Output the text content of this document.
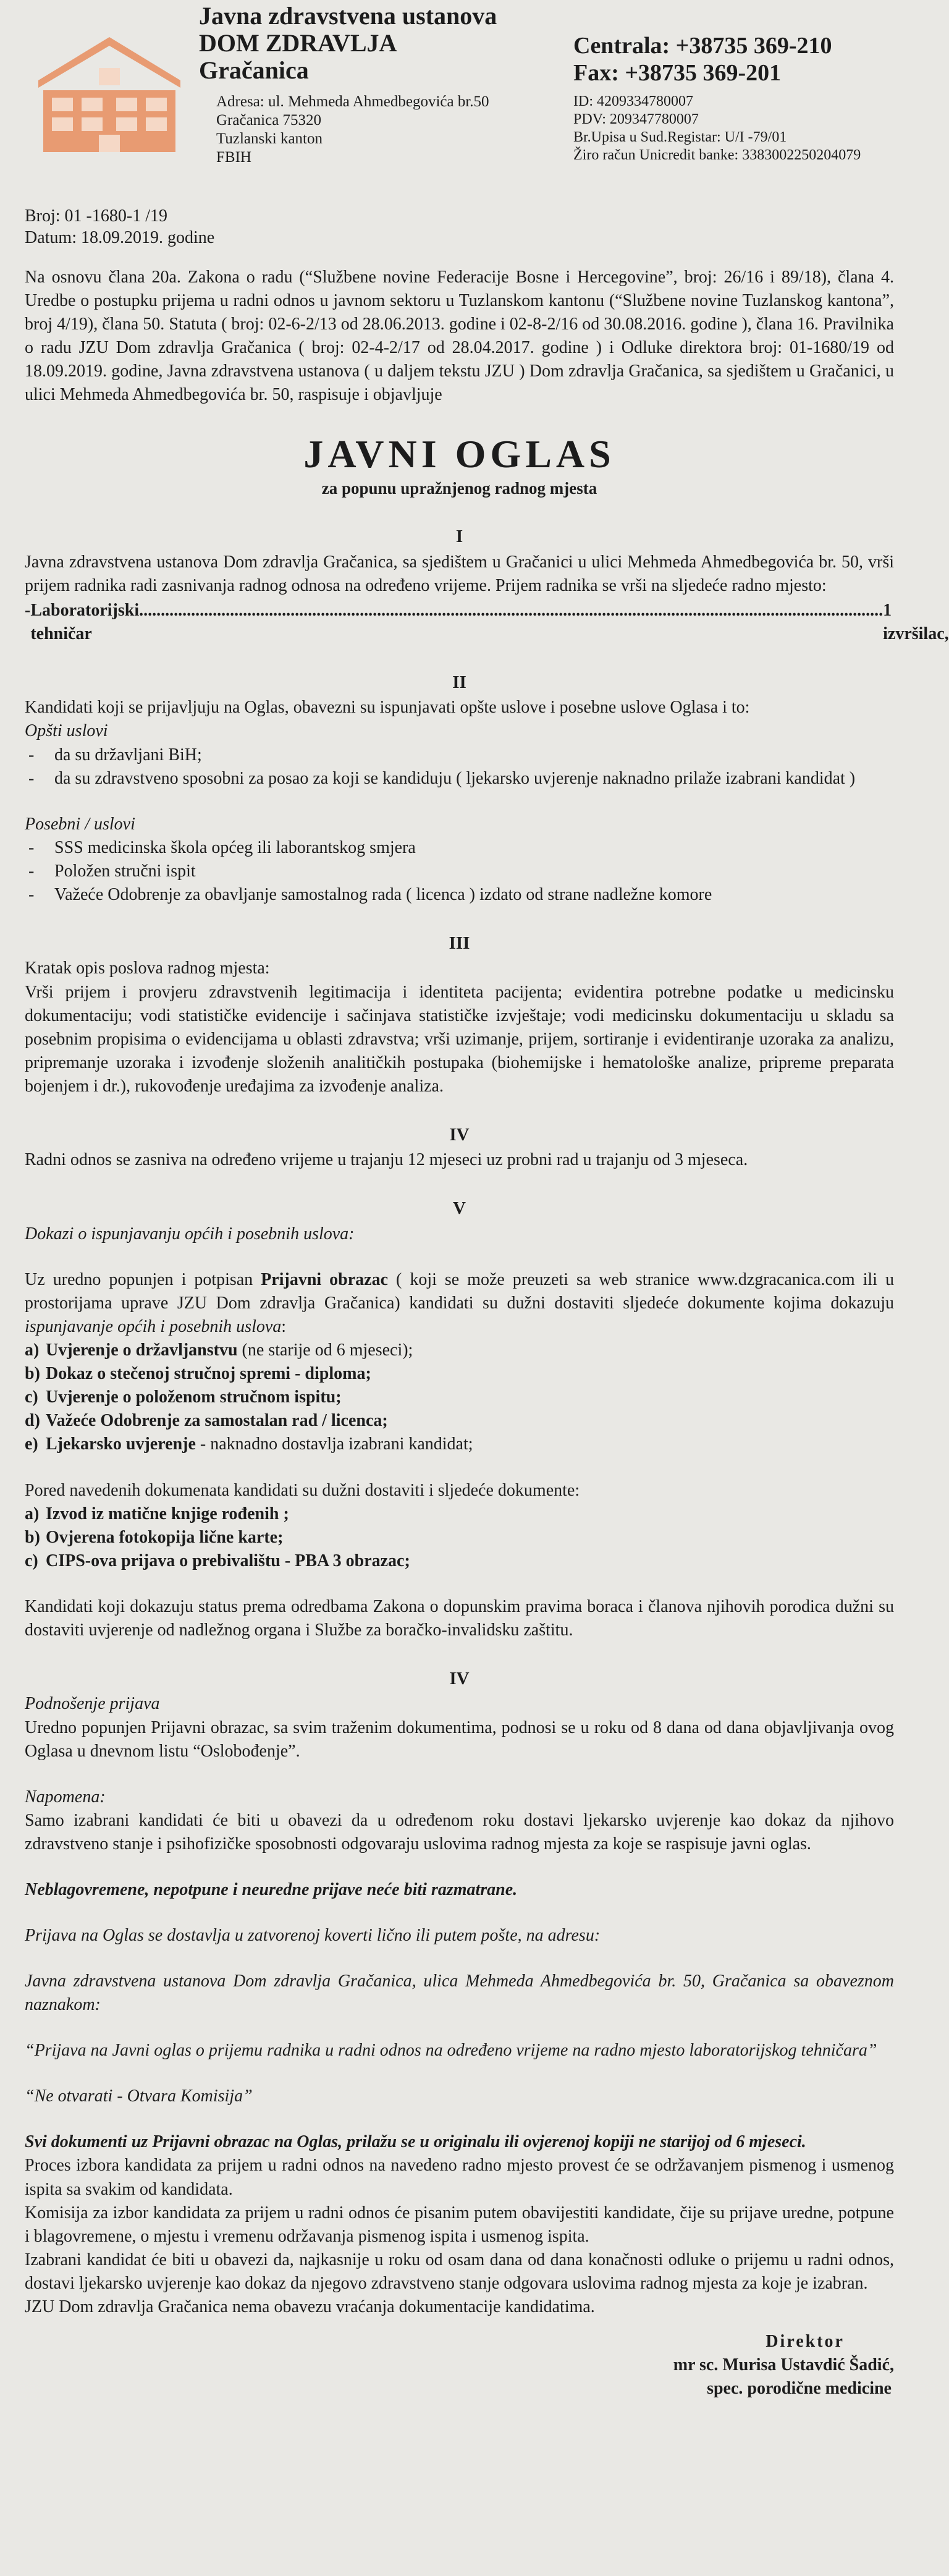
Javna zdravstvena ustanova
DOM ZDRAVLJA
Gračanica
Adresa: ul. Mehmeda Ahmedbegovića br.50
Gračanica 75320
Tuzlanski kanton
FBIH
Centrala: +38735 369-210
Fax: +38735 369-201
ID: 4209334780007
PDV: 209347780007
Br.Upisa u Sud.Registar: U/I -79/01
Žiro račun Unicredit banke: 3383002250204079
Broj: 01 -1680-1 /19
Datum: 18.09.2019. godine

Na osnovu člana 20a. Zakona o radu (“Službene novine Federacije Bosne i Hercegovine”, broj: 26/16 i 89/18), člana 4. Uredbe o postupku prijema u radni odnos u javnom sektoru u Tuzlanskom kantonu (“Službene novine Tuzlanskog kantona”, broj 4/19), člana 50. Statuta ( broj: 02-6-2/13 od 28.06.2013. godine i 02-8-2/16 od 30.08.2016. godine ), člana 16. Pravilnika o radu JZU Dom zdravlja Gračanica ( broj: 02-4-2/17 od 28.04.2017. godine ) i Odluke direktora broj: 01-1680/19 od 18.09.2019. godine, Javna zdravstvena ustanova ( u daljem tekstu JZU ) Dom zdravlja Gračanica, sa sjedištem u Gračanici, u ulici Mehmeda Ahmedbegovića br. 50, raspisuje i objavljuje

JAVNI OGLAS
za popunu upražnjenog radnog mjesta
I

Javna zdravstvena ustanova Dom zdravlja Gračanica, sa sjedištem u Gračanici u ulici Mehmeda Ahmedbegovića br. 50, vrši prijem radnika radi zasnivanja radnog odnosa na određeno vrijeme. Prijem radnika se vrši na sljedeće radno mjesto:

- Laboratorijski tehničar
............................................................................................................................................................................ 1 izvršilac,
II

Kandidati koji se prijavljuju na Oglas, obavezni su ispunjavati opšte uslove i posebne uslove Oglasa i to:

Opšti uslovi
- da su državljani BiH;
- da su zdravstveno sposobni za posao za koji se kandiduju ( ljekarsko uvjerenje naknadno prilaže izabrani kandidat )
Posebni / uslovi
- SSS medicinska škola općeg ili laborantskog smjera
- Položen stručni ispit
- Važeće Odobrenje za obavljanje samostalnog rada ( licenca ) izdato od strane nadležne komore
III
Kratak opis poslova radnog mjesta:

Vrši prijem i provjeru zdravstvenih legitimacija i identiteta pacijenta; evidentira potrebne podatke u medicinsku dokumentaciju; vodi statističke evidencije i sačinjava statističke izvještaje; vodi medicinsku dokumentaciju u skladu sa posebnim propisima o evidencijama u oblasti zdravstva; vrši uzimanje, prijem, sortiranje i evidentiranje uzoraka za analizu, pripremanje uzoraka i izvođenje složenih analitičkih postupaka (biohemijske i hematološke analize, pripreme preparata bojenjem i dr.), rukovođenje uređajima za izvođenje analiza.

IV

Radni odnos se zasniva na određeno vrijeme u trajanju 12 mjeseci uz probni rad u trajanju od 3 mjeseca.

V
Dokazi o ispunjavanju općih i posebnih uslova:

Uz uredno popunjen i potpisan Prijavni obrazac ( koji se može preuzeti sa web stranice www.dzgracanica.com ili u prostorijama uprave JZU Dom zdravlja Gračanica) kandidati su dužni dostaviti sljedeće dokumente kojima dokazuju ispunjavanje općih i posebnih uslova:

a) Uvjerenje o državljanstvu (ne starije od 6 mjeseci);
b) Dokaz o stečenoj stručnoj spremi - diploma;
c) Uvjerenje o položenom stručnom ispitu;
d) Važeće Odobrenje za samostalan rad / licenca;
e) Ljekarsko uvjerenje - naknadno dostavlja izabrani kandidat;
Pored navedenih dokumenata kandidati su dužni dostaviti i sljedeće dokumente:
a) Izvod iz matične knjige rođenih ;
b) Ovjerena fotokopija lične karte;
c) CIPS-ova prijava o prebivalištu - PBA 3 obrazac;

Kandidati koji dokazuju status prema odredbama Zakona o dopunskim pravima boraca i članova njihovih porodica dužni su dostaviti uvjerenje od nadležnog organa i Službe za boračko-invalidsku zaštitu.

IV
Podnošenje prijava

Uredno popunjen Prijavni obrazac, sa svim traženim dokumentima, podnosi se u roku od 8 dana od dana objavljivanja ovog Oglasa u dnevnom listu “Oslobođenje”.

Napomena:

Samo izabrani kandidati će biti u obavezi da u određenom roku dostavi ljekarsko uvjerenje kao dokaz da njihovo zdravstveno stanje i psihofizičke sposobnosti odgovaraju uslovima radnog mjesta za koje se raspisuje javni oglas.

Neblagovremene, nepotpune i neuredne prijave neće biti razmatrane.

Prijava na Oglas se dostavlja u zatvorenoj koverti lično ili putem pošte, na adresu:

Javna zdravstvena ustanova Dom zdravlja Gračanica, ulica Mehmeda Ahmedbegovića br. 50, Gračanica sa obaveznom naznakom:

“Prijava na Javni oglas o prijemu radnika u radni odnos na određeno vrijeme na radno mjesto laboratorijskog tehničara”

“Ne otvarati - Otvara Komisija”

Svi dokumenti uz Prijavni obrazac na Oglas, prilažu se u originalu ili ovjerenoj kopiji ne starijoj od 6 mjeseci.

Proces izbora kandidata za prijem u radni odnos na navedeno radno mjesto provest će se održavanjem pismenog i usmenog ispita sa svakim od kandidata.

Komisija za izbor kandidata za prijem u radni odnos će pisanim putem obavijestiti kandidate, čije su prijave uredne, potpune i blagovremene, o mjestu i vremenu održavanja pismenog ispita i usmenog ispita.

Izabrani kandidat će biti u obavezi da, najkasnije u roku od osam dana od dana konačnosti odluke o prijemu u radni odnos, dostavi ljekarsko uvjerenje kao dokaz da njegovo zdravstveno stanje odgovara uslovima radnog mjesta za koje je izabran.

JZU Dom zdravlja Gračanica nema obavezu vraćanja dokumentacije kandidatima.

Direktor
mr sc. Murisa Ustavdić Šadić,
spec. porodične medicine
